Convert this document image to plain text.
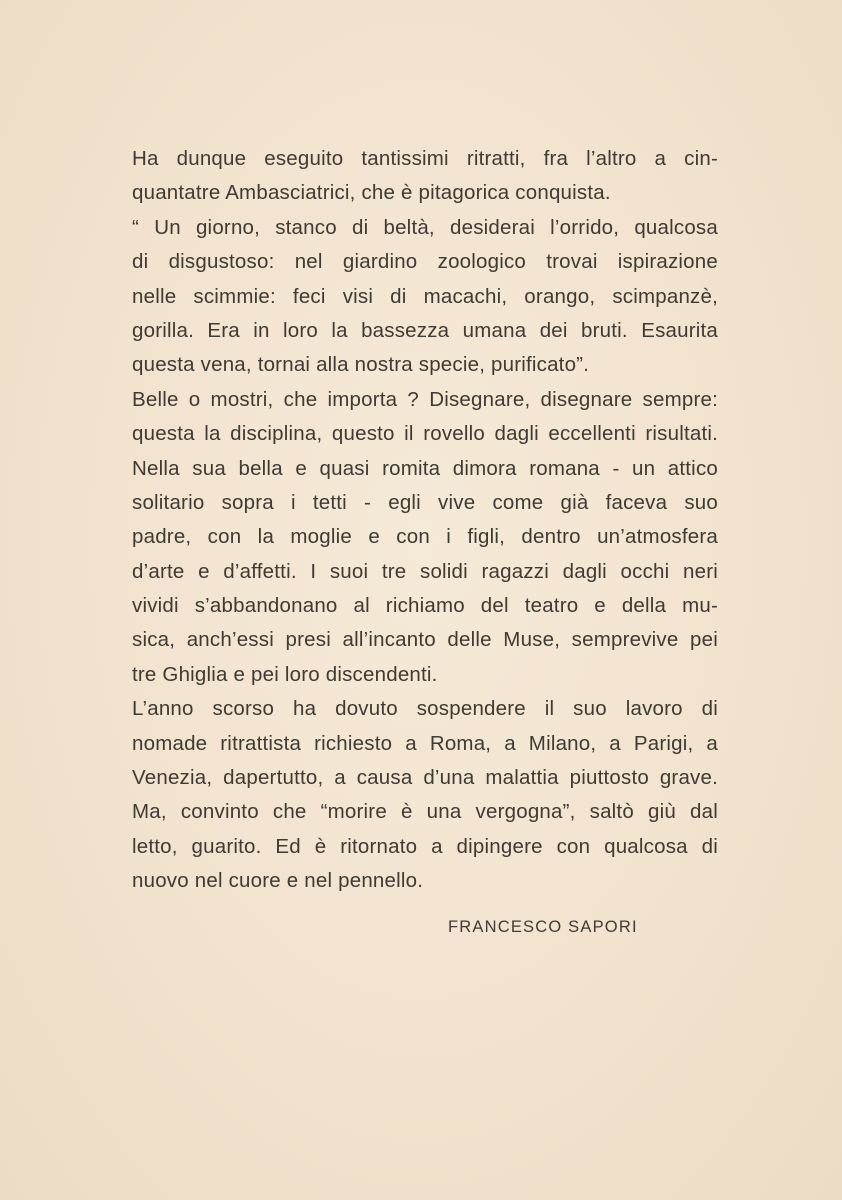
Ha dunque eseguito tantissimi ritratti, fra l’altro a cin-
quantatre Ambasciatrici, che è pitagorica conquista.
“ Un giorno, stanco di beltà, desiderai l’orrido, qualcosa
di disgustoso: nel giardino zoologico trovai ispirazione
nelle scimmie: feci visi di macachi, orango, scimpanzè,
gorilla. Era in loro la bassezza umana dei bruti. Esaurita
questa vena, tornai alla nostra specie, purificato”.
Belle o mostri, che importa ? Disegnare, disegnare sempre:
questa la disciplina, questo il rovello dagli eccellenti risultati.
Nella sua bella e quasi romita dimora romana - un attico
solitario sopra i tetti - egli vive come già faceva suo
padre, con la moglie e con i figli, dentro un’atmosfera
d’arte e d’affetti. I suoi tre solidi ragazzi dagli occhi neri
vividi s’abbandonano al richiamo del teatro e della mu-
sica, anch’essi presi all’incanto delle Muse, semprevive pei
tre Ghiglia e pei loro discendenti.
L’anno scorso ha dovuto sospendere il suo lavoro di
nomade ritrattista richiesto a Roma, a Milano, a Parigi, a
Venezia, dapertutto, a causa d’una malattia piuttosto grave.
Ma, convinto che “morire è una vergogna”, saltò giù dal
letto, guarito. Ed è ritornato a dipingere con qualcosa di
nuovo nel cuore e nel pennello.
FRANCESCO SAPORI
